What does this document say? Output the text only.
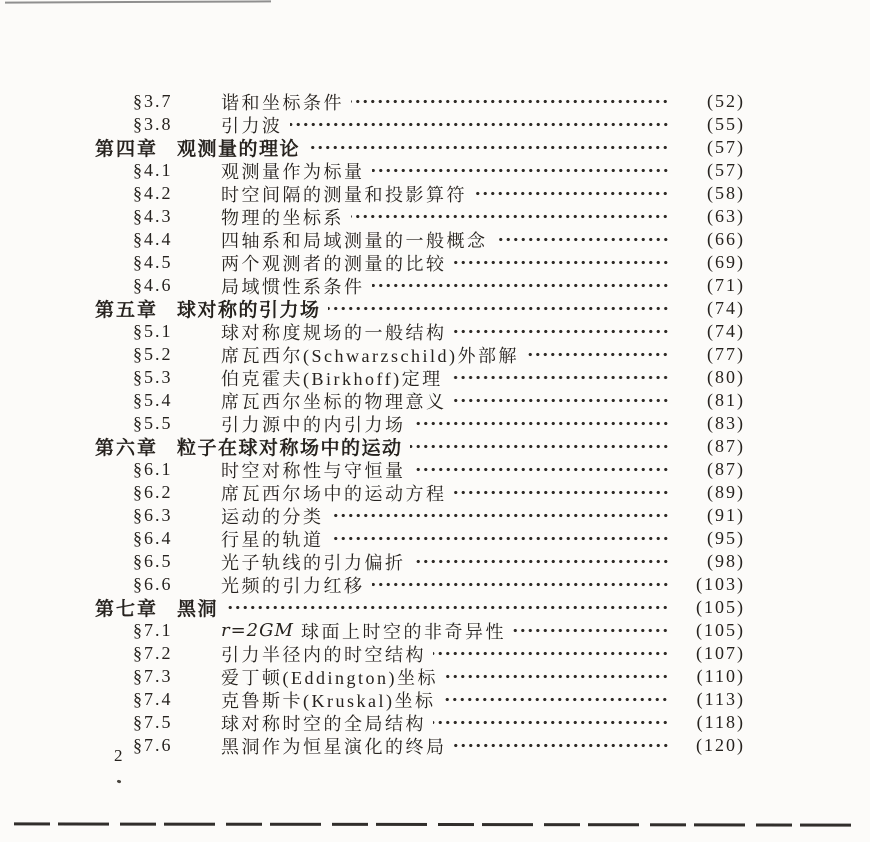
§3.7	谐和坐标条件	(52)
§3.8	引力波	(55)
第四章 观测量的理论	(57)
§4.1	观测量作为标量	(57)
§4.2	时空间隔的测量和投影算符	(58)
§4.3	物理的坐标系	(63)
§4.4	四轴系和局域测量的一般概念	(66)
§4.5	两个观测者的测量的比较	(69)
§4.6	局域惯性系条件	(71)
第五章 球对称的引力场	(74)
§5.1	球对称度规场的一般结构	(74)
§5.2	席瓦西尔(Schwarzschild)外部解	(77)
§5.3	伯克霍夫(Birkhoff)定理	(80)
§5.4	席瓦西尔坐标的物理意义	(81)
§5.5	引力源中的内引力场	(83)
第六章 粒子在球对称场中的运动	(87)
§6.1	时空对称性与守恒量	(87)
§6.2	席瓦西尔场中的运动方程	(89)
§6.3	运动的分类	(91)
§6.4	行星的轨道	(95)
§6.5	光子轨线的引力偏折	(98)
§6.6	光频的引力红移	(103)
第七章 黑洞	(105)
§7.1	r=2GM 球面上时空的非奇异性	(105)
§7.2	引力半径内的时空结构	(107)
§7.3	爱丁顿(Eddington)坐标	(110)
§7.4	克鲁斯卡(Kruskal)坐标	(113)
§7.5	球对称时空的全局结构	(118)
§7.6	黑洞作为恒星演化的终局	(120)
2
